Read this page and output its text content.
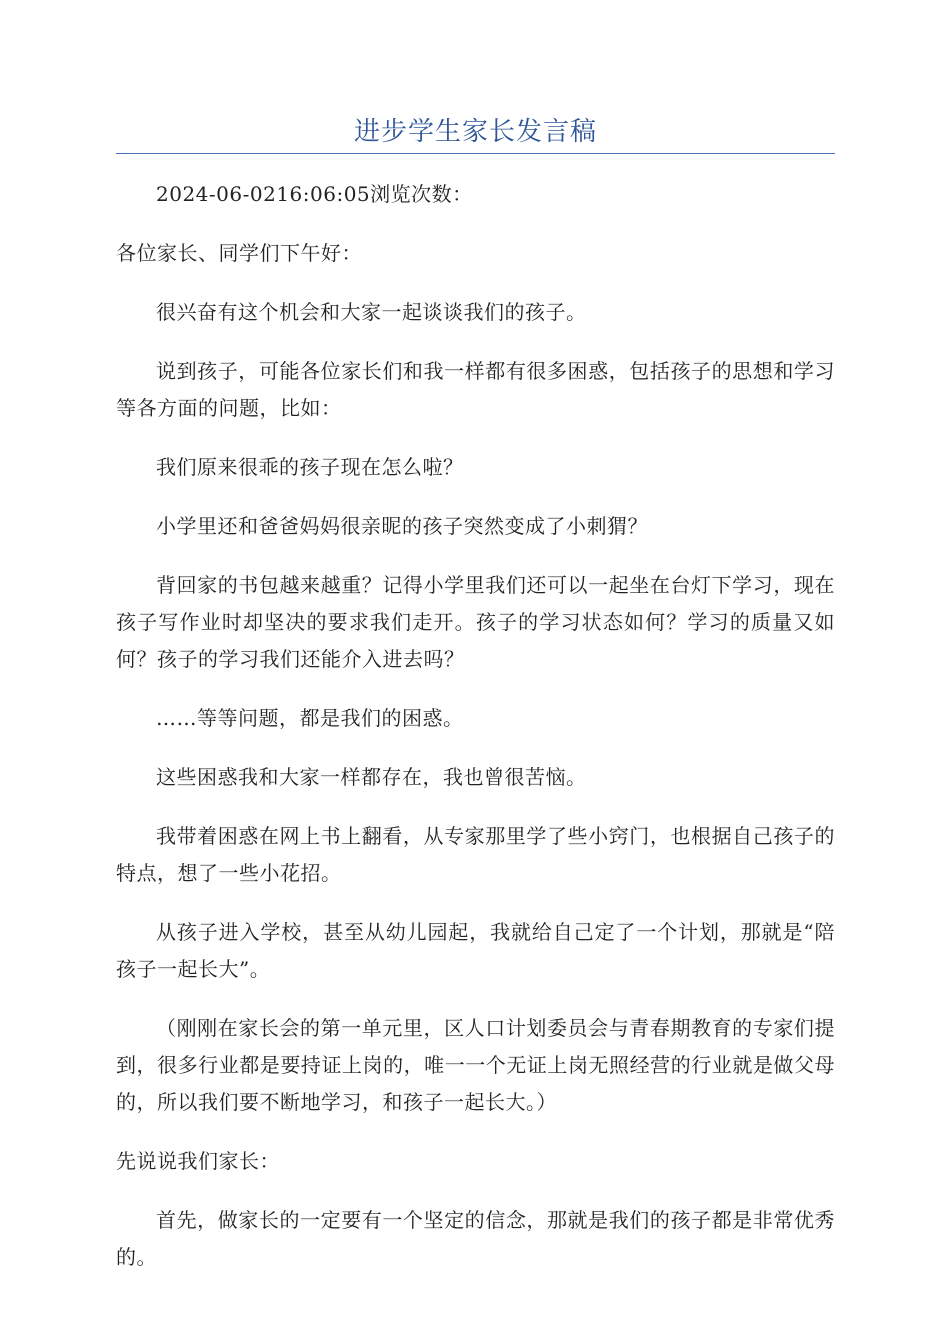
进步学生家长发言稿

2024-06-0216:06:05浏览次数：

各位家长、同学们下午好：

很兴奋有这个机会和大家一起谈谈我们的孩子。

说到孩子，可能各位家长们和我一样都有很多困惑，包括孩子的思想和学习等各方面的问题，比如：

我们原来很乖的孩子现在怎么啦？

小学里还和爸爸妈妈很亲昵的孩子突然变成了小刺猬？

背回家的书包越来越重？记得小学里我们还可以一起坐在台灯下学习，现在孩子写作业时却坚决的要求我们走开。孩子的学习状态如何？学习的质量又如何？孩子的学习我们还能介入进去吗？

……等等问题，都是我们的困惑。

这些困惑我和大家一样都存在，我也曾很苦恼。

我带着困惑在网上书上翻看，从专家那里学了些小窍门，也根据自己孩子的特点，想了一些小花招。

从孩子进入学校，甚至从幼儿园起，我就给自己定了一个计划，那就是“陪孩子一起长大”。

（刚刚在家长会的第一单元里，区人口计划委员会与青春期教育的专家们提到，很多行业都是要持证上岗的，唯一一个无证上岗无照经营的行业就是做父母的，所以我们要不断地学习，和孩子一起长大。）

先说说我们家长：

首先，做家长的一定要有一个坚定的信念，那就是我们的孩子都是非常优秀的。
